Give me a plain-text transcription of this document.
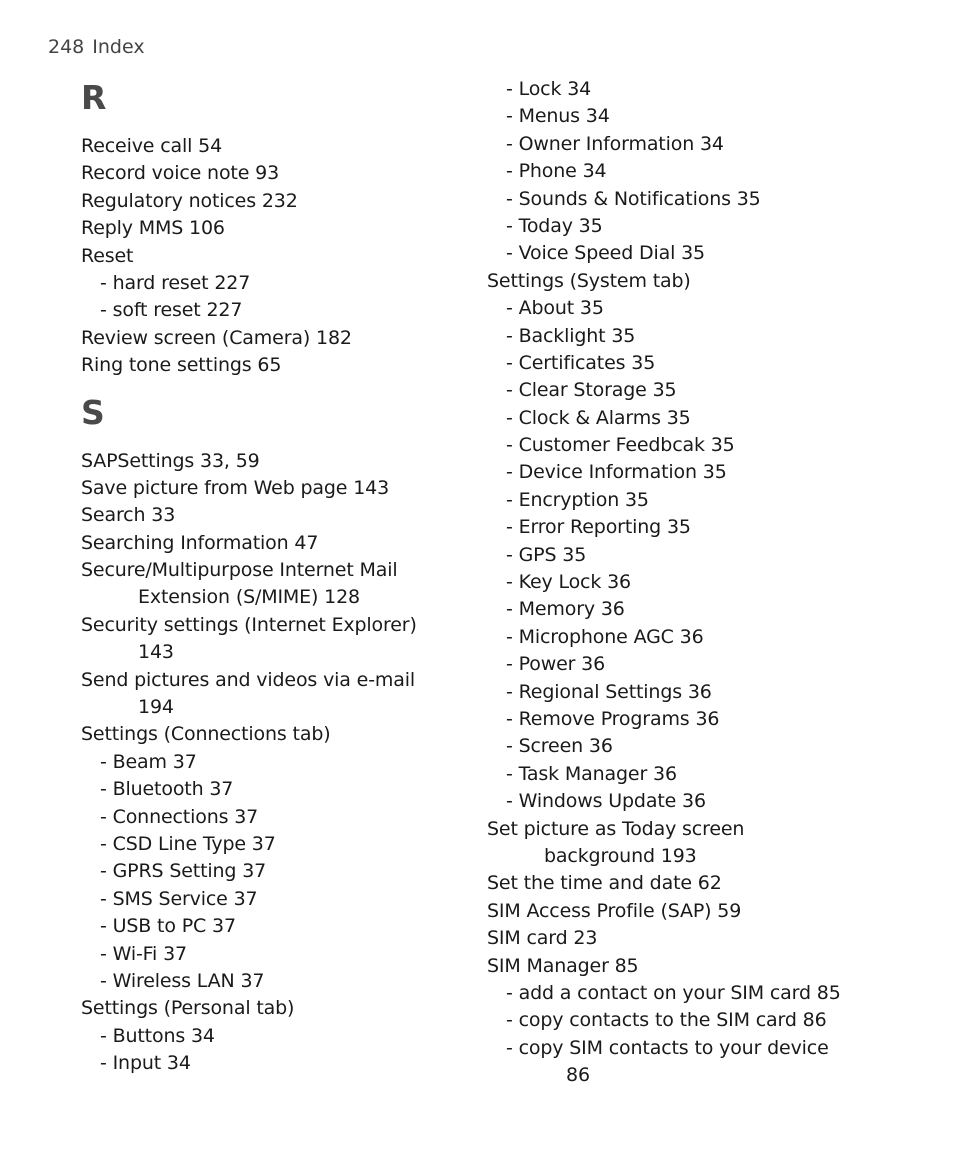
248 Index
R
Receive call 54
Record voice note 93
Regulatory notices 232
Reply MMS 106
Reset
- hard reset 227
- soft reset 227
Review screen (Camera) 182
Ring tone settings 65
S
SAPSettings 33, 59
Save picture from Web page 143
Search 33
Searching Information 47
Secure/Multipurpose Internet Mail
Extension (S/MIME) 128
Security settings (Internet Explorer)
143
Send pictures and videos via e-mail
194
Settings (Connections tab)
- Beam 37
- Bluetooth 37
- Connections 37
- CSD Line Type 37
- GPRS Setting 37
- SMS Service 37
- USB to PC 37
- Wi-Fi 37
- Wireless LAN 37
Settings (Personal tab)
- Buttons 34
- Input 34
- Lock 34
- Menus 34
- Owner Information 34
- Phone 34
- Sounds & Notifications 35
- Today 35
- Voice Speed Dial 35
Settings (System tab)
- About 35
- Backlight 35
- Certificates 35
- Clear Storage 35
- Clock & Alarms 35
- Customer Feedbcak 35
- Device Information 35
- Encryption 35
- Error Reporting 35
- GPS 35
- Key Lock 36
- Memory 36
- Microphone AGC 36
- Power 36
- Regional Settings 36
- Remove Programs 36
- Screen 36
- Task Manager 36
- Windows Update 36
Set picture as Today screen
background 193
Set the time and date 62
SIM Access Profile (SAP) 59
SIM card 23
SIM Manager 85
- add a contact on your SIM card 85
- copy contacts to the SIM card 86
- copy SIM contacts to your device
86
